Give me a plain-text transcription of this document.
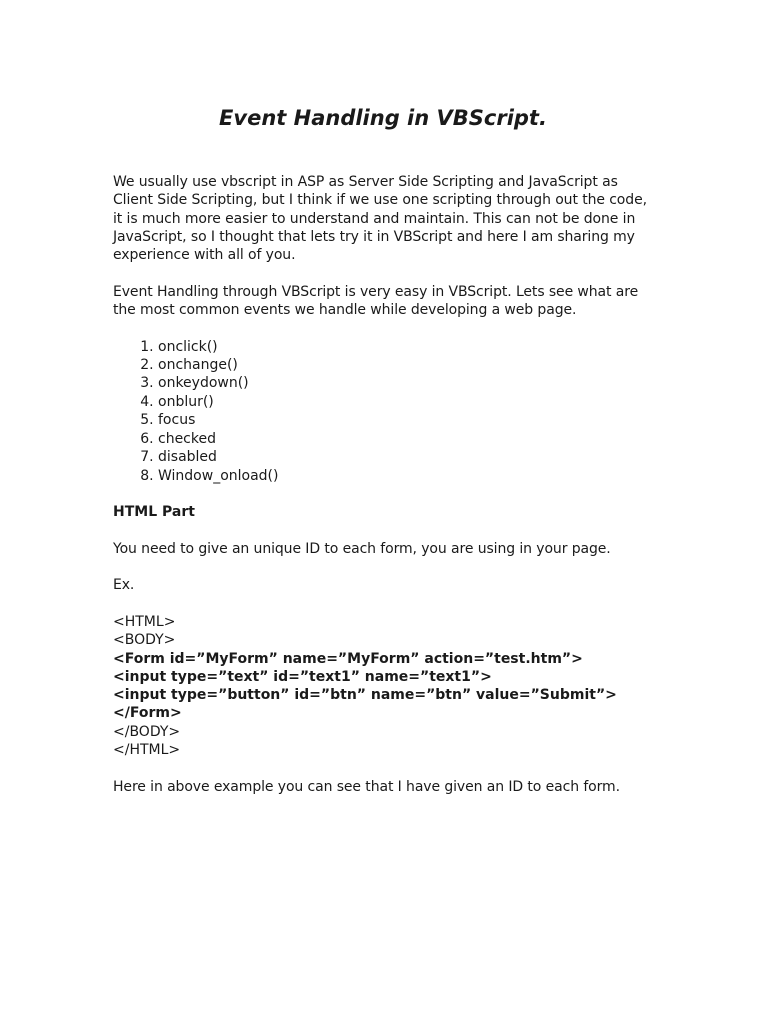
Event Handling in VBScript.

We usually use vbscript in ASP as Server Side Scripting and JavaScript as Client Side Scripting, but I think if we use one scripting through out the code, it is much more easier to understand and maintain. This can not be done in JavaScript, so I thought that lets try it in VBScript and here I am sharing my experience with all of you.

Event Handling through VBScript is very easy in VBScript. Lets see what are the most common events we handle while developing a web page.

1. onclick()
2. onchange()
3. onkeydown()
4. onblur()
5. focus
6. checked
7. disabled
8. Window_onload()

HTML Part

You need to give an unique ID to each form, you are using in your page.

Ex.

<HTML>
<BODY>
<Form id=”MyForm” name=”MyForm” action=”test.htm”>
<input type=”text” id=”text1” name=”text1”>
<input type=”button” id=”btn” name=”btn” value=”Submit”>
</Form>
</BODY>
</HTML>

Here in above example you can see that I have given an ID to each form.
